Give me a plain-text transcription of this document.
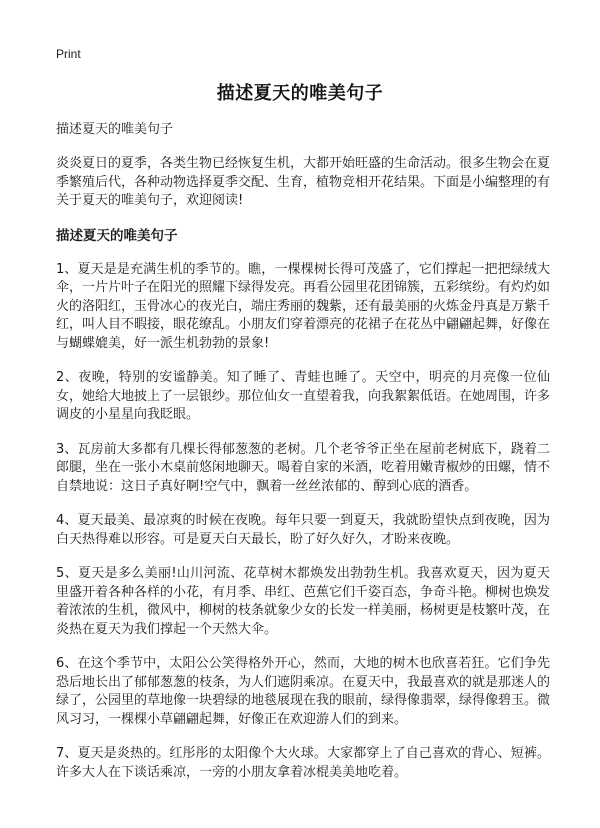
Print
描述夏天的唯美句子

描述夏天的唯美句子

炎炎夏日的夏季，各类生物已经恢复生机，大都开始旺盛的生命活动。很多生物会在夏季繁殖后代，各种动物选择夏季交配、生育，植物竞相开花结果。下面是小编整理的有关于夏天的唯美句子，欢迎阅读!

描述夏天的唯美句子

1、夏天是是充满生机的季节的。瞧，一棵棵树长得可茂盛了，它们撑起一把把绿绒大伞，一片片叶子在阳光的照耀下绿得发亮。再看公园里花团锦簇，五彩缤纷。有灼灼如火的洛阳红，玉骨冰心的夜光白，端庄秀丽的魏紫，还有最美丽的火炼金丹真是万紫千红，叫人目不暇接，眼花缭乱。小朋友们穿着漂亮的花裙子在花丛中翩翩起舞，好像在与蝴蝶媲美，好一派生机勃勃的景象!

2、夜晚，特别的安谧静美。知了睡了、青蛙也睡了。天空中，明亮的月亮像一位仙女，她给大地披上了一层银纱。那位仙女一直望着我，向我絮絮低语。在她周围，许多调皮的小星星向我眨眼。

3、瓦房前大多都有几棵长得郁葱葱的老树。几个老爷爷正坐在屋前老树底下，跷着二郎腿，坐在一张小木桌前悠闲地聊天。喝着自家的米酒，吃着用嫩青椒炒的田螺，情不自禁地说：这日子真好啊!空气中，飘着一丝丝浓郁的、醇到心底的酒香。

4、夏天最美、最凉爽的时候在夜晚。每年只要一到夏天，我就盼望快点到夜晚，因为白天热得难以形容。可是夏天白天最长，盼了好久好久，才盼来夜晚。

5、夏天是多么美丽!山川河流、花草树木都焕发出勃勃生机。我喜欢夏天，因为夏天里盛开着各种各样的小花，有月季、串红、芭蕉它们千姿百态，争奇斗艳。柳树也焕发着浓浓的生机，微风中，柳树的枝条就象少女的长发一样美丽，杨树更是枝繁叶茂，在炎热在夏天为我们撑起一个天然大伞。

6、在这个季节中，太阳公公笑得格外开心，然而，大地的树木也欣喜若狂。它们争先恐后地长出了郁郁葱葱的枝条，为人们遮阴乘凉。在夏天中，我最喜欢的就是那迷人的绿了，公园里的草地像一块碧绿的地毯展现在我的眼前，绿得像翡翠，绿得像碧玉。微风习习，一棵棵小草翩翩起舞，好像正在欢迎游人们的到来。

7、夏天是炎热的。红彤彤的太阳像个大火球。大家都穿上了自己喜欢的背心、短裤。许多大人在下谈话乘凉，一旁的小朋友拿着冰棍美美地吃着。
